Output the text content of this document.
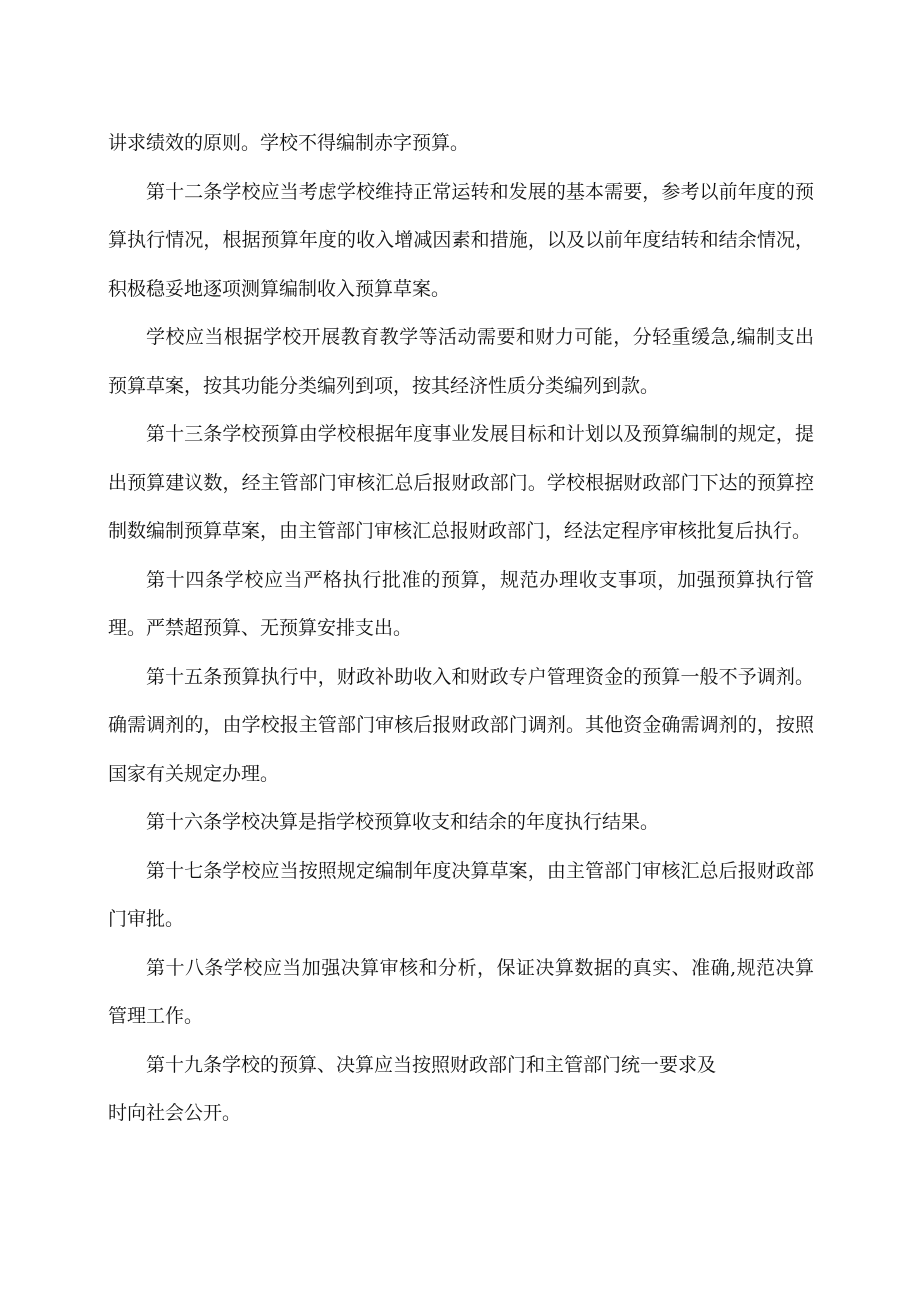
讲求绩效的原则。学校不得编制赤字预算。

第十二条学校应当考虑学校维持正常运转和发展的基本需要，参考以前年度的预算执行情况，根据预算年度的收入增减因素和措施，以及以前年度结转和结余情况，积极稳妥地逐项测算编制收入预算草案。

学校应当根据学校开展教育教学等活动需要和财力可能，分轻重缓急,编制支出预算草案，按其功能分类编列到项，按其经济性质分类编列到款。

第十三条学校预算由学校根据年度事业发展目标和计划以及预算编制的规定，提出预算建议数，经主管部门审核汇总后报财政部门。学校根据财政部门下达的预算控制数编制预算草案，由主管部门审核汇总报财政部门，经法定程序审核批复后执行。

第十四条学校应当严格执行批准的预算，规范办理收支事项，加强预算执行管理。严禁超预算、无预算安排支出。

第十五条预算执行中，财政补助收入和财政专户管理资金的预算一般不予调剂。确需调剂的，由学校报主管部门审核后报财政部门调剂。其他资金确需调剂的，按照国家有关规定办理。

第十六条学校决算是指学校预算收支和结余的年度执行结果。

第十七条学校应当按照规定编制年度决算草案，由主管部门审核汇总后报财政部门审批。

第十八条学校应当加强决算审核和分析，保证决算数据的真实、准确,规范决算管理工作。

第十九条学校的预算、决算应当按照财政部门和主管部门统一要求及

时向社会公开。
